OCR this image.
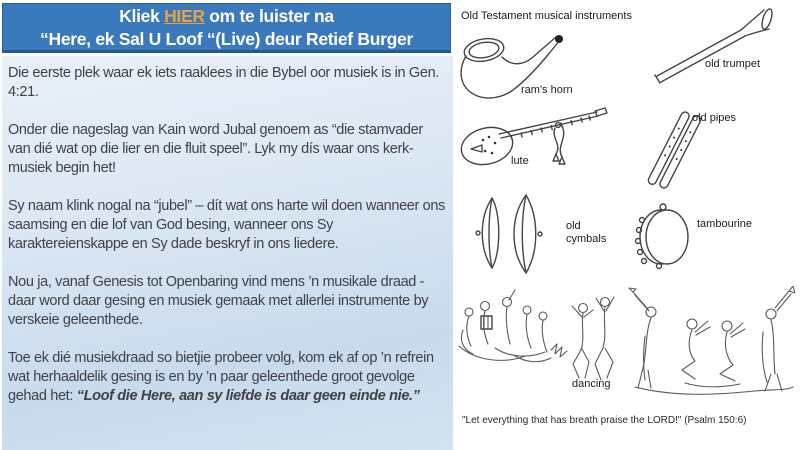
Kliek HIER om te luister na
“Here, ek Sal U Loof “(Live) deur Retief Burger

Die eerste plek waar ek iets raaklees in die Bybel oor musiek is in Gen. 4:21.

Onder die nageslag van Kain word Jubal genoem as “die stamvader van dié wat op die lier en die fluit speel”. Lyk my dís waar ons kerk-musiek begin het!

Sy naam klink nogal na “jubel” – dít wat ons harte wil doen wanneer ons saamsing en die lof van God besing, wanneer ons Sy karaktereienskappe en Sy dade beskryf in ons liedere.

Nou ja, vanaf Genesis tot Openbaring vind mens ’n musikale draad - daar word daar gesing en musiek gemaak met allerlei instrumente by verskeie geleenthede.

Toe ek dié musiekdraad so bietjie probeer volg, kom ek af op ’n refrein wat herhaaldelik gesing is en by ’n paar geleenthede groot gevolge gehad het: “Loof die Here, aan sy liefde is daar geen einde nie.”

Old Testament musical instruments
ram's horn
old trumpet
lute
old pipes
old cymbals
tambourine
dancing
"Let everything that has breath praise the LORD!" (Psalm 150:6)
